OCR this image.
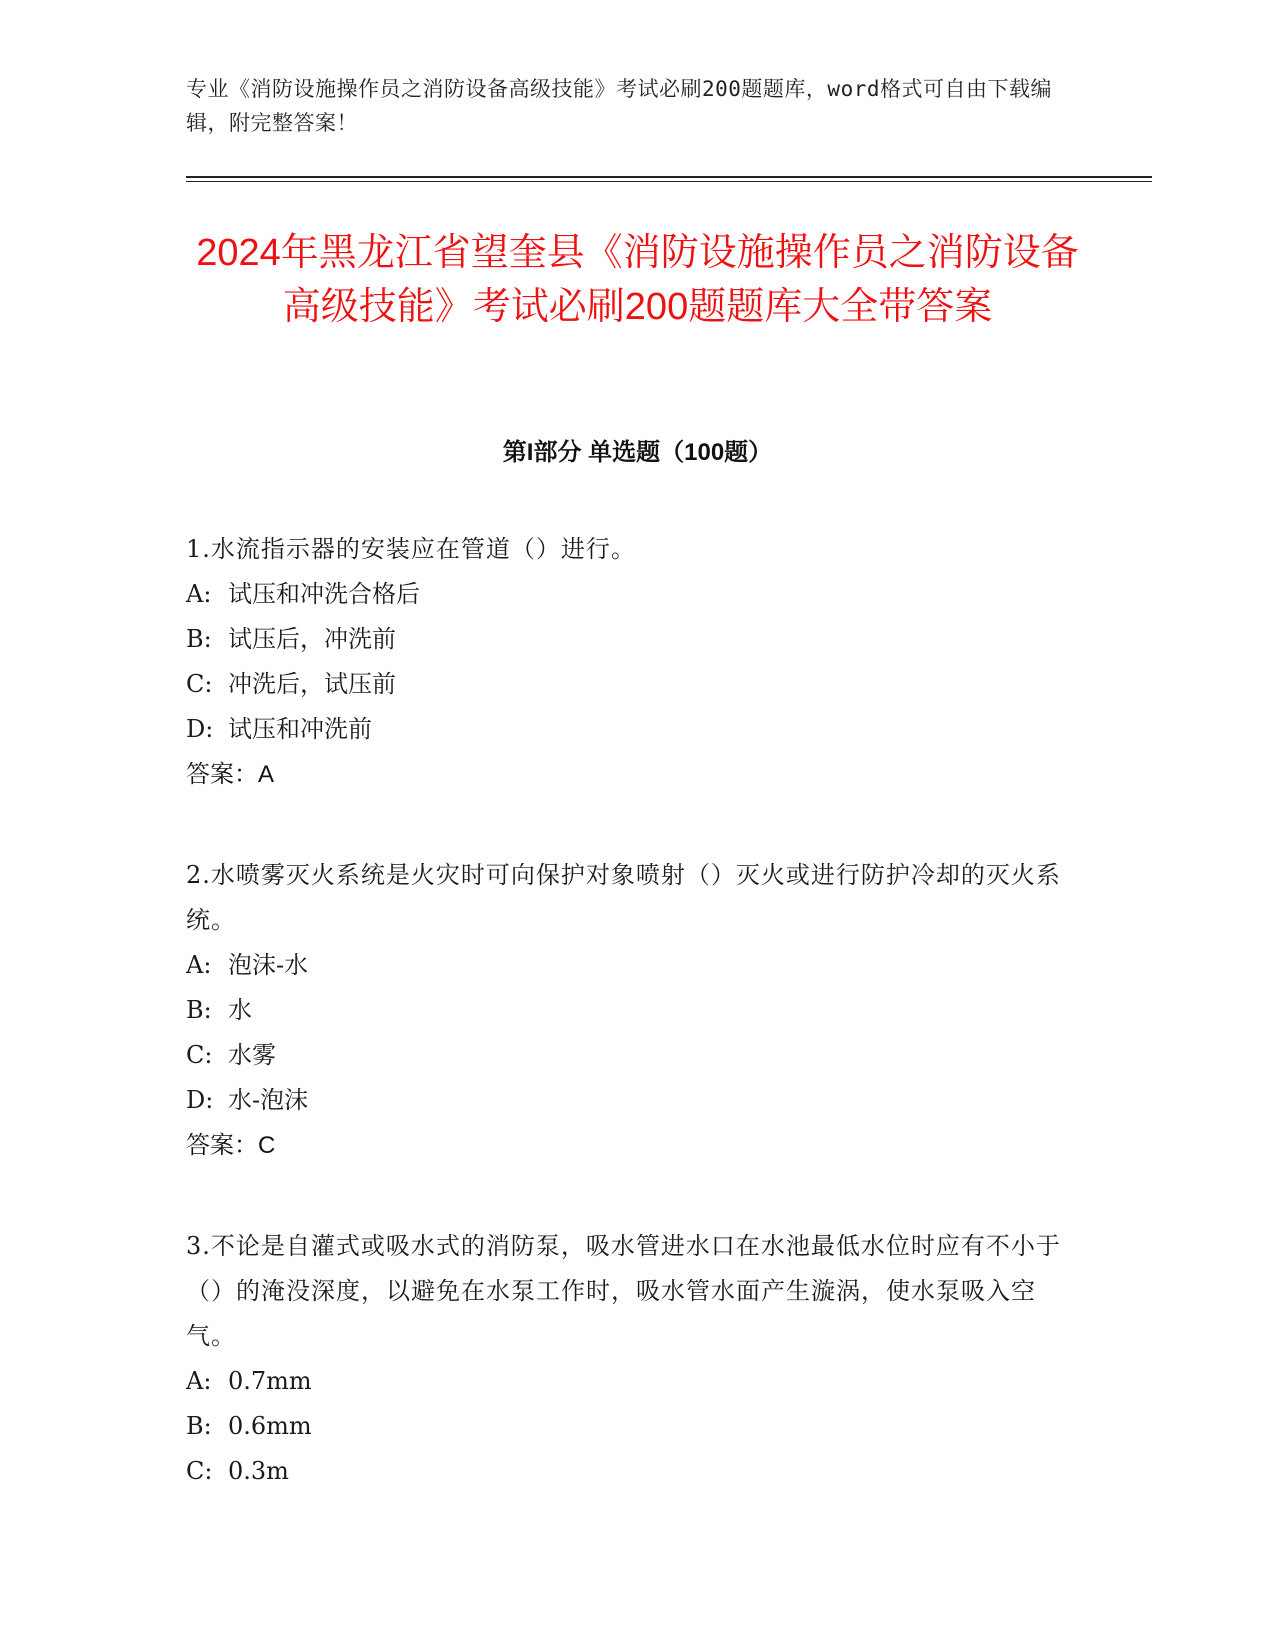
专业《消防设施操作员之消防设备高级技能》考试必刷200题题库，word格式可自由下载编辑，附完整答案！
2024年黑龙江省望奎县《消防设施操作员之消防设备高级技能》考试必刷200题题库大全带答案
第I部分 单选题（100题）
1.水流指示器的安装应在管道（）进行。
A: 试压和冲洗合格后
B: 试压后，冲洗前
C: 冲洗后，试压前
D: 试压和冲洗前
答案：A
2.水喷雾灭火系统是火灾时可向保护对象喷射（）灭火或进行防护冷却的灭火系统。
A: 泡沫-水
B: 水
C: 水雾
D: 水-泡沫
答案：C
3.不论是自灌式或吸水式的消防泵，吸水管进水口在水池最低水位时应有不小于（）的淹没深度，以避免在水泵工作时，吸水管水面产生漩涡，使水泵吸入空气。
A: 0.7mm
B: 0.6mm
C: 0.3m
